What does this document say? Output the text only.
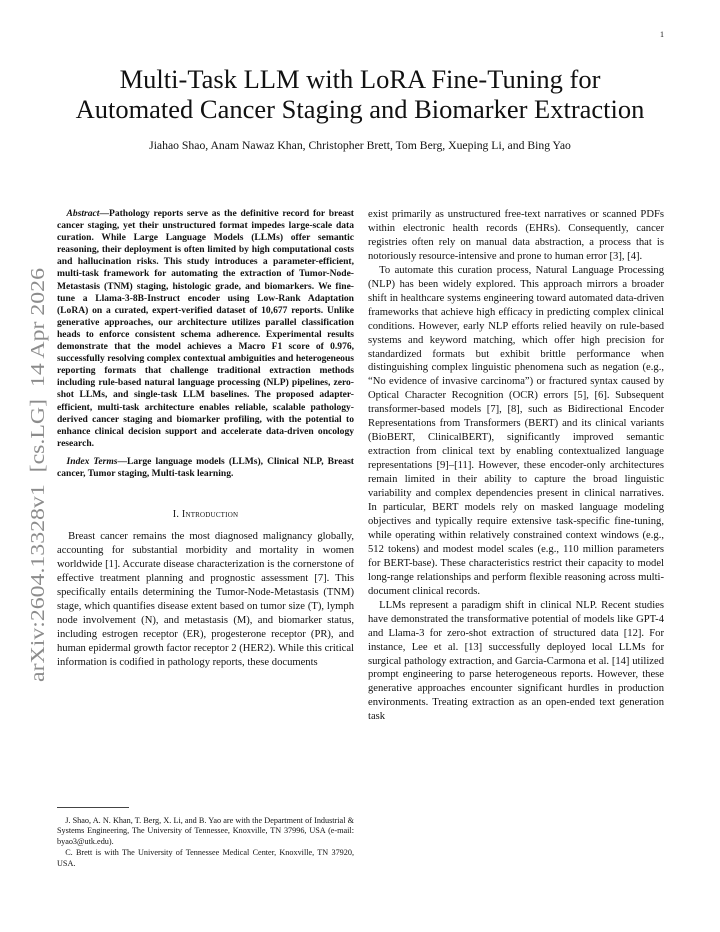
1
arXiv:2604.13328v1  [cs.LG]  14 Apr 2026
Multi-Task LLM with LoRA Fine-Tuning for
Automated Cancer Staging and Biomarker Extraction
Jiahao Shao, Anam Nawaz Khan, Christopher Brett, Tom Berg, Xueping Li, and Bing Yao

Abstract—Pathology reports serve as the definitive record for breast cancer staging, yet their unstructured format impedes large-scale data curation. While Large Language Models (LLMs) offer semantic reasoning, their deployment is often limited by high computational costs and hallucination risks. This study introduces a parameter-efficient, multi-task framework for automating the extraction of Tumor-Node-Metastasis (TNM) staging, histologic grade, and biomarkers. We fine-tune a Llama-3-8B-Instruct encoder using Low-Rank Adaptation (LoRA) on a curated, expert-verified dataset of 10,677 reports. Unlike generative approaches, our architecture utilizes parallel classification heads to enforce consistent schema adherence. Experimental results demonstrate that the model achieves a Macro F1 score of 0.976, successfully resolving complex contextual ambiguities and heterogeneous reporting formats that challenge traditional extraction methods including rule-based natural language processing (NLP) pipelines, zero-shot LLMs, and single-task LLM baselines. The proposed adapter-efficient, multi-task architecture enables reliable, scalable pathology-derived cancer staging and biomarker profiling, with the potential to enhance clinical decision support and accelerate data-driven oncology research.

Index Terms—Large language models (LLMs), Clinical NLP, Breast cancer, Tumor staging, Multi-task learning.

I. Introduction

Breast cancer remains the most diagnosed malignancy globally, accounting for substantial morbidity and mortality in women worldwide [1]. Accurate disease characterization is the cornerstone of effective treatment planning and prognostic assessment [7]. This specifically entails determining the Tumor-Node-Metastasis (TNM) stage, which quantifies disease extent based on tumor size (T), lymph node involvement (N), and metastasis (M), and biomarker status, including estrogen receptor (ER), progesterone receptor (PR), and human epidermal growth factor receptor 2 (HER2). While this critical information is codified in pathology reports, these documents

J. Shao, A. N. Khan, T. Berg, X. Li, and B. Yao are with the Department of Industrial & Systems Engineering, The University of Tennessee, Knoxville, TN 37996, USA (e-mail: byao3@utk.edu).

C. Brett is with The University of Tennessee Medical Center, Knoxville, TN 37920, USA.

exist primarily as unstructured free-text narratives or scanned PDFs within electronic health records (EHRs). Consequently, cancer registries often rely on manual data abstraction, a process that is notoriously resource-intensive and prone to human error [3], [4].

To automate this curation process, Natural Language Processing (NLP) has been widely explored. This approach mirrors a broader shift in healthcare systems engineering toward automated data-driven frameworks that achieve high efficacy in predicting complex clinical conditions. However, early NLP efforts relied heavily on rule-based systems and keyword matching, which offer high precision for standardized formats but exhibit brittle performance when distinguishing complex linguistic phenomena such as negation (e.g., “No evidence of invasive carcinoma”) or fractured syntax caused by Optical Character Recognition (OCR) errors [5], [6]. Subsequent transformer-based models [7], [8], such as Bidirectional Encoder Representations from Transformers (BERT) and its clinical variants (BioBERT, ClinicalBERT), significantly improved semantic extraction from clinical text by enabling contextualized language representations [9]–[11]. However, these encoder-only architectures remain limited in their ability to capture the broad linguistic variability and complex dependencies present in clinical narratives. In particular, BERT models rely on masked language modeling objectives and typically require extensive task-specific fine-tuning, while operating within relatively constrained context windows (e.g., 512 tokens) and modest model scales (e.g., 110 million parameters for BERT-base). These characteristics restrict their capacity to model long-range relationships and perform flexible reasoning across multi-document clinical records.

LLMs represent a paradigm shift in clinical NLP. Recent studies have demonstrated the transformative potential of models like GPT-4 and Llama-3 for zero-shot extraction of structured data [12]. For instance, Lee et al. [13] successfully deployed local LLMs for surgical pathology extraction, and Garcia-Carmona et al. [14] utilized prompt engineering to parse heterogeneous reports. However, these generative approaches encounter significant hurdles in production environments. Treating extraction as an open-ended text generation task
